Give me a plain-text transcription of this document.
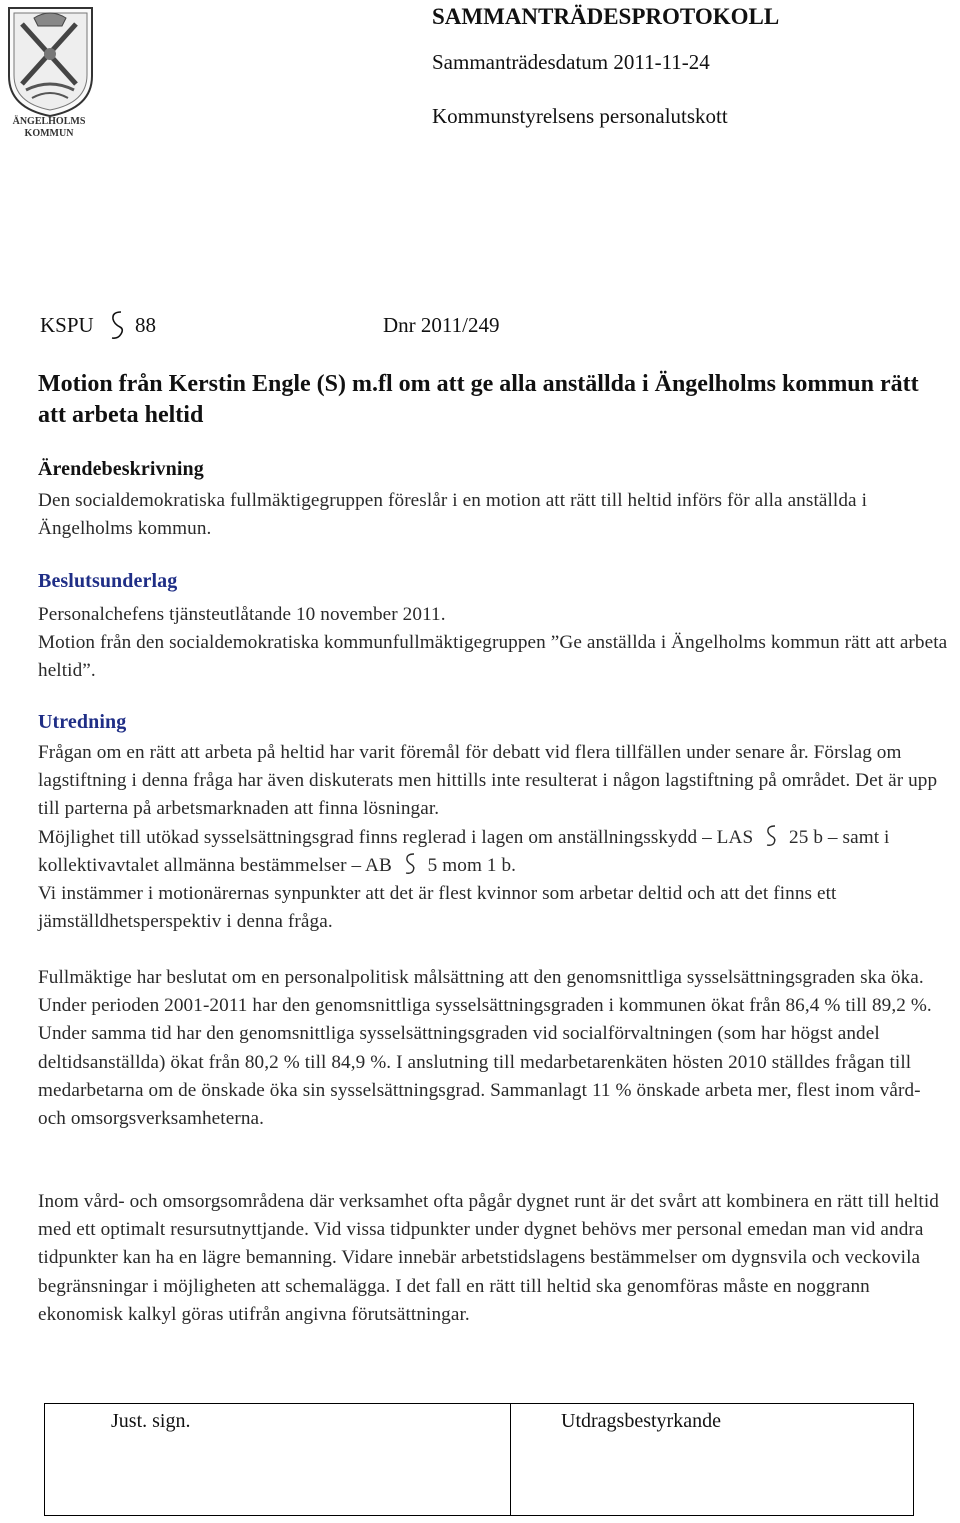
ÄNGELHOLMS KOMMUN
SAMMANTRÄDESPROTOKOLL
Sammanträdesdatum 2011-11-24
Kommunstyrelsens personalutskott
KSPU 88	Dnr 2011/249
Motion från Kerstin Engle (S) m.fl om att ge alla anställda i Ängelholms kommun rätt att arbeta heltid
Ärendebeskrivning

Den socialdemokratiska fullmäktigegruppen föreslår i en motion att rätt till heltid införs för alla anställda i Ängelholms kommun.

Beslutsunderlag

Personalchefens tjänsteutlåtande 10 november 2011.

Motion från den socialdemokratiska kommunfullmäktigegruppen ”Ge anställda i Ängelholms kommun rätt att arbeta heltid”.

Utredning

Frågan om en rätt att arbeta på heltid har varit föremål för debatt vid flera tillfällen under senare år. Förslag om lagstiftning i denna fråga har även diskuterats men hittills inte resulterat i någon lagstiftning på området. Det är upp till parterna på arbetsmarknaden att finna lösningar.

Möjlighet till utökad sysselsättningsgrad finns reglerad i lagen om anställningsskydd – LAS 25 b – samt i kollektivavtalet allmänna bestämmelser – AB 5 mom 1 b.

Vi instämmer i motionärernas synpunkter att det är flest kvinnor som arbetar deltid och att det finns ett jämställdhetsperspektiv i denna fråga.

Fullmäktige har beslutat om en personalpolitisk målsättning att den genomsnittliga sysselsättningsgraden ska öka. Under perioden 2001-2011 har den genomsnittliga sysselsättningsgraden i kommunen ökat från 86,4 % till 89,2 %. Under samma tid har den genomsnittliga sysselsättningsgraden vid socialförvaltningen (som har högst andel deltidsanställda) ökat från 80,2 % till 84,9 %. I anslutning till medarbetarenkäten hösten 2010 ställdes frågan till medarbetarna om de önskade öka sin sysselsättningsgrad. Sammanlagt 11 % önskade arbeta mer, flest inom vård- och omsorgsverksamheterna.

Inom vård- och omsorgsområdena där verksamhet ofta pågår dygnet runt är det svårt att kombinera en rätt till heltid med ett optimalt resursutnyttjande. Vid vissa tidpunkter under dygnet behövs mer personal emedan man vid andra tidpunkter kan ha en lägre bemanning. Vidare innebär arbetstidslagens bestämmelser om dygnsvila och veckovila begränsningar i möjligheten att schemalägga. I det fall en rätt till heltid ska genomföras måste en noggrann ekonomisk kalkyl göras utifrån angivna förutsättningar.

Just. sign.	Utdragsbestyrkande
